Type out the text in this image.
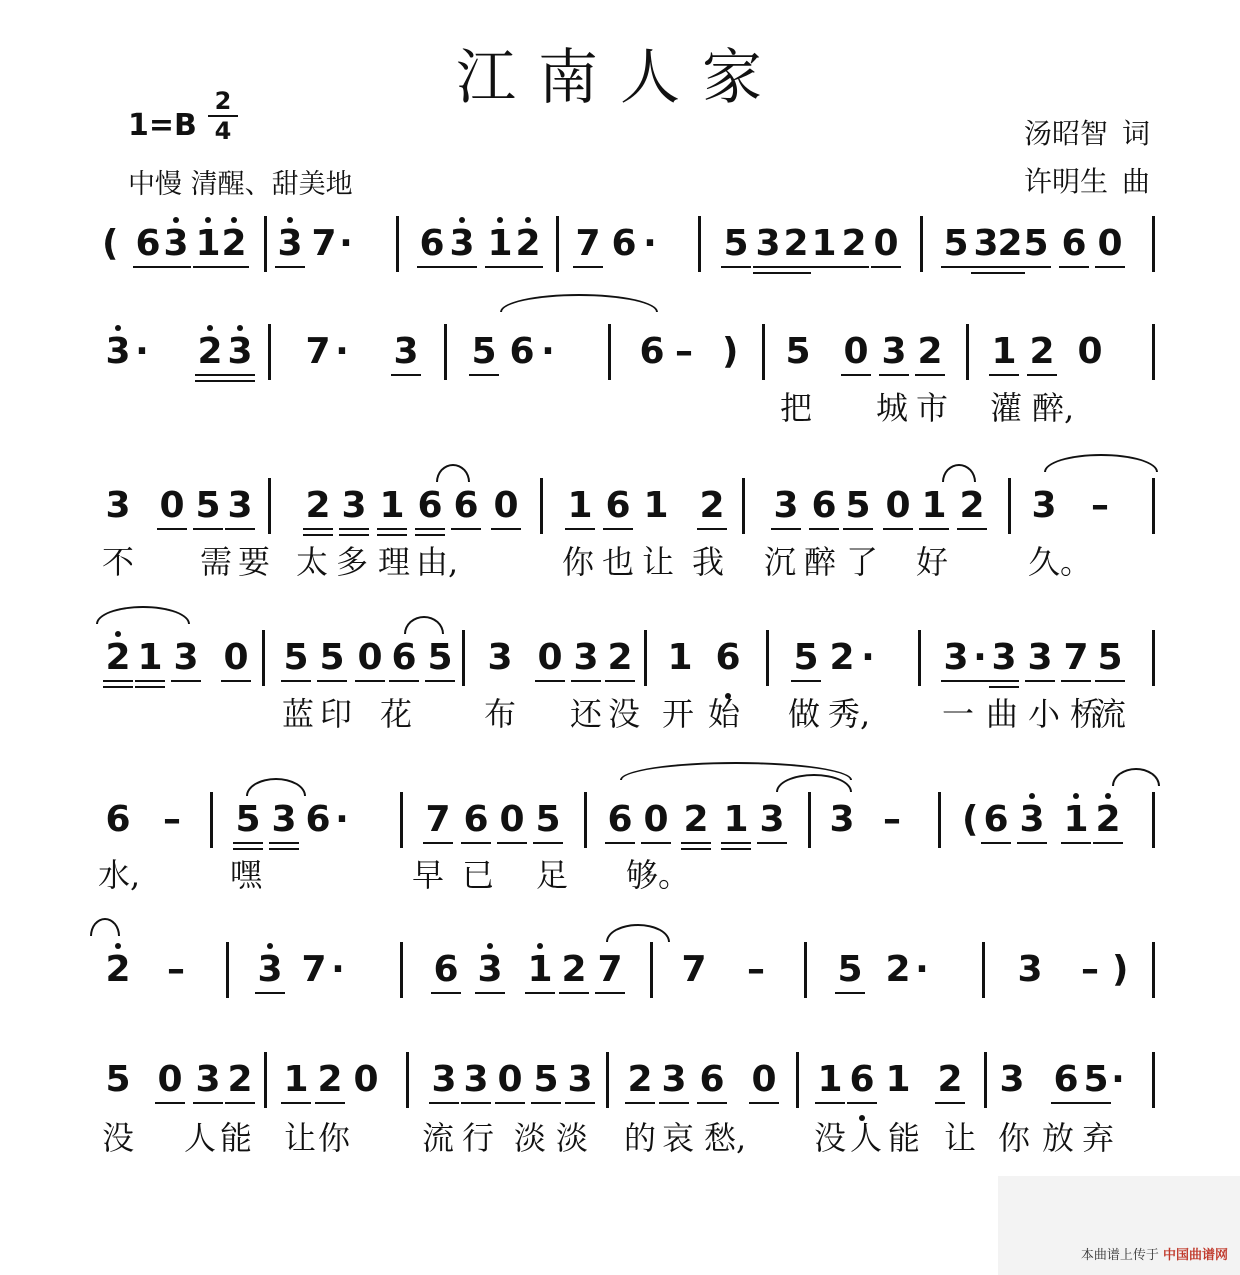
江南人家
1=B
2
4
中慢 清醒、甜美地
汤昭智 词
许明生 曲
( 6 3 1 2 3 7 · 6 3 1 2 7 6 · 5 3 2 1 2 0 5 3
2 5 6 0
3 · 2 3 7 · 3 5 6 · 6 –	5 0 3 2 1 2 0
)
3 0 5 3 2 3 1 6 6 0 1 6 1 2 3 6 5 0 1 2 3 –
2 1 3 0 5 5 0 6 5 3 0 3 2 1 6 5 2 · 3 · 3 3 7 5
6 – 5 3 6 · 7 6 0 5 6 0 2 1 3 3 – 6 3 1 2
(
2 – 3 7 · 6 3 1 2 7 7 – 5 2 · 3 – )
5 0 3 2 1 2 0 3 3 0 5 3 2 3 6 0 1 6 1 2 3 6 5 ·
把 城 市 灌 醉,
不 需 要 太 多 理 由,	你 也 让 我 沉 醉 了 好	久。
蓝 印 花 布 还 没 开 始 做 秀, 一 曲 小 桥
流
水,	嘿	早 已 足 够。
没 人 能 让 你 流 行 淡 淡 的 哀 愁, 没 人 能 让 你 放 弃
本曲谱上传于 中国曲谱网
